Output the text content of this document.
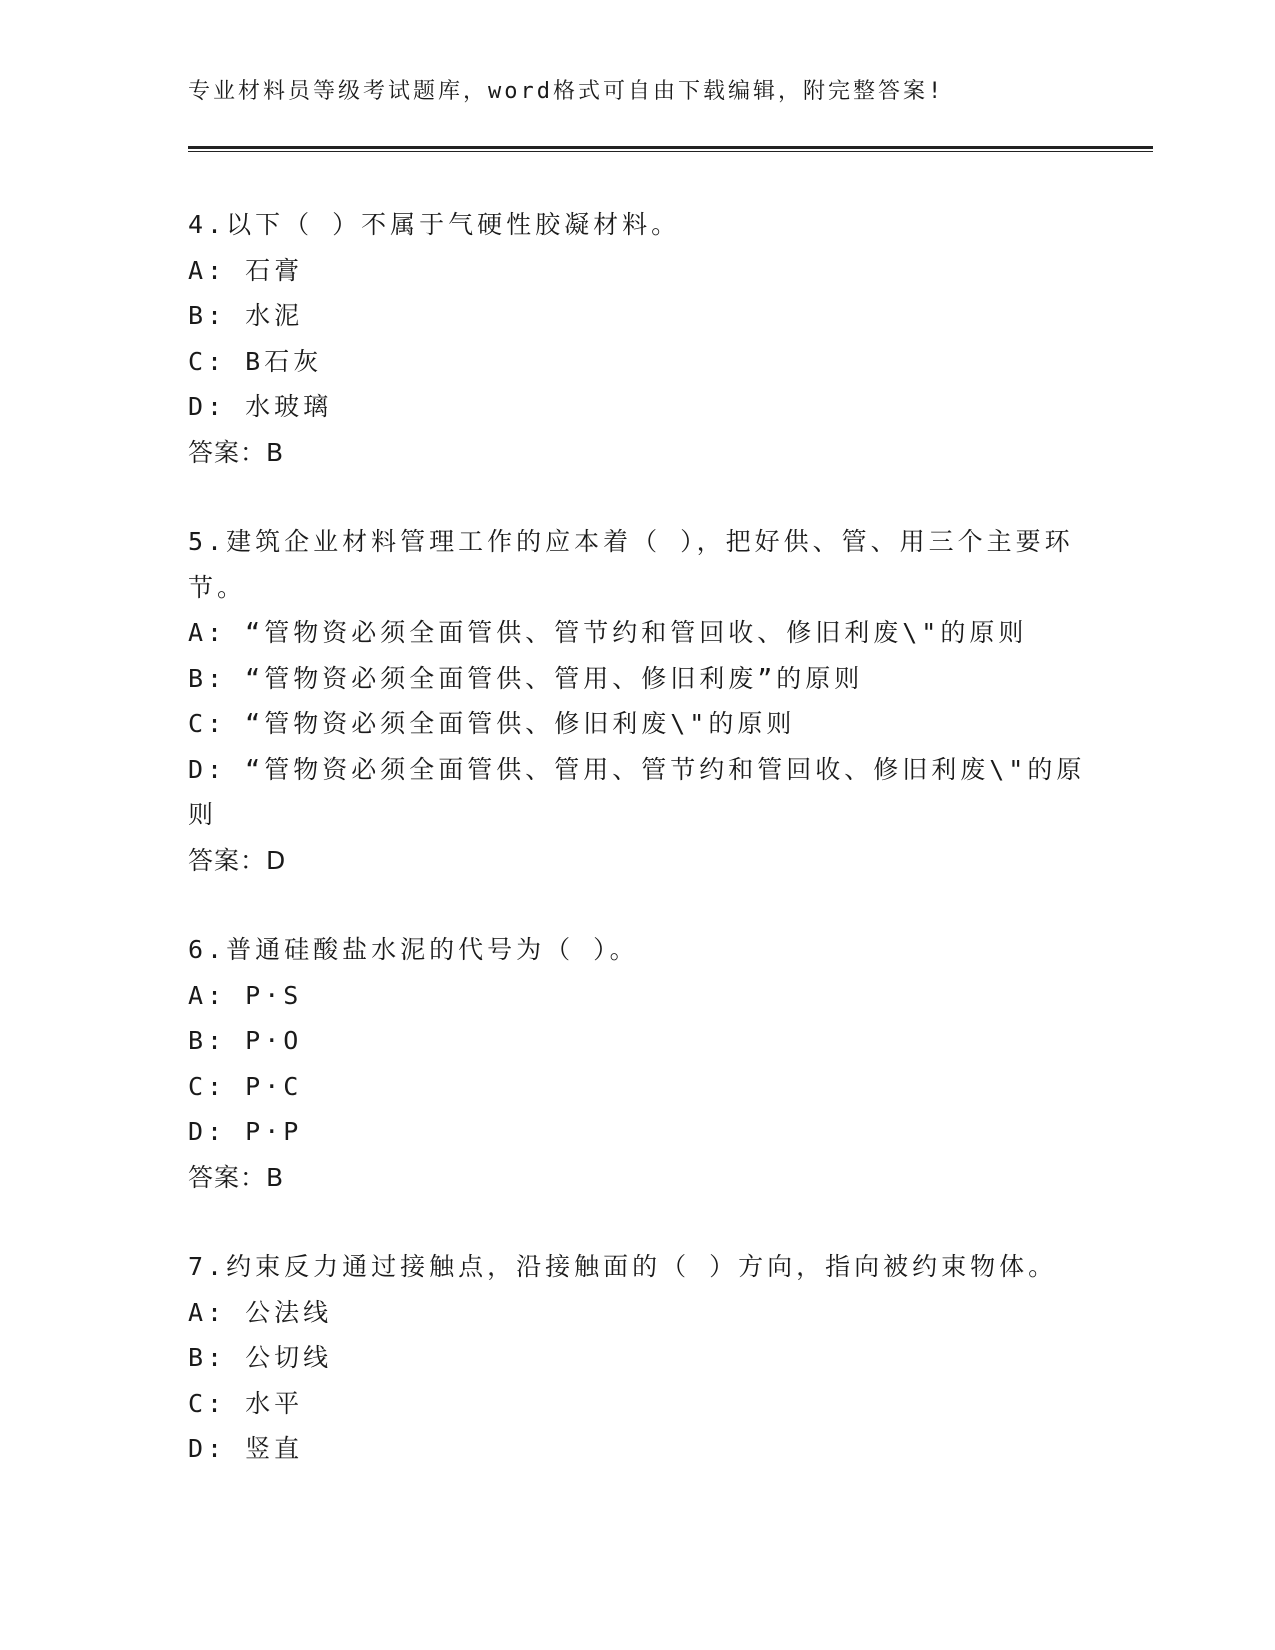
专业材料员等级考试题库，word格式可自由下载编辑，附完整答案!
4.以下（ ）不属于气硬性胶凝材料。
A: 石膏
B: 水泥
C: B石灰
D: 水玻璃
答案：B
5.建筑企业材料管理工作的应本着（ ），把好供、管、用三个主要环节。
A: “管物资必须全面管供、管节约和管回收、修旧利废\"的原则
B: “管物资必须全面管供、管用、修旧利废”的原则
C: “管物资必须全面管供、修旧利废\"的原则
D: “管物资必须全面管供、管用、管节约和管回收、修旧利废\"的原则
答案：D
6.普通硅酸盐水泥的代号为（ ）。
A: P·S
B: P·O
C: P·C
D: P·P
答案：B
7.约束反力通过接触点，沿接触面的（ ）方向，指向被约束物体。
A: 公法线
B: 公切线
C: 水平
D: 竖直
